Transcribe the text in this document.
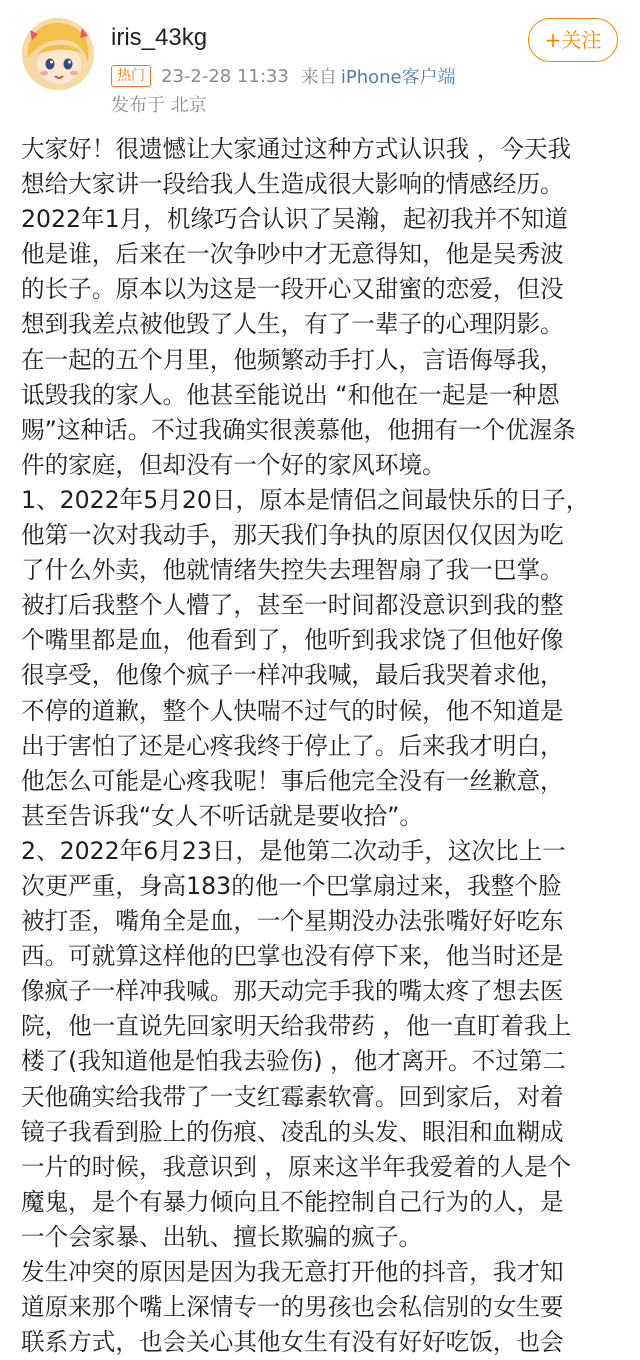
iris_43kg
热门 23-2-28 11:33 来自 iPhone客户端
发布于 北京
+关注

大家好！很遗憾让大家通过这种方式认识我 ，今天我

想给大家讲一段给我人生造成很大影响的情感经历。

2022年1月，机缘巧合认识了吴瀚，起初我并不知道

他是谁，后来在一次争吵中才无意得知，他是吴秀波

的长子。原本以为这是一段开心又甜蜜的恋爱，但没

想到我差点被他毁了人生，有了一辈子的心理阴影。

在一起的五个月里，他频繁动手打人，言语侮辱我，

诋毁我的家人。他甚至能说出 “和他在一起是一种恩

赐”这种话。不过我确实很羡慕他，他拥有一个优渥条

件的家庭，但却没有一个好的家风环境。

1、2022年5月20日，原本是情侣之间最快乐的日子，

他第一次对我动手，那天我们争执的原因仅仅因为吃

了什么外卖，他就情绪失控失去理智扇了我一巴掌。

被打后我整个人懵了，甚至一时间都没意识到我的整

个嘴里都是血，他看到了，他听到我求饶了但他好像

很享受，他像个疯子一样冲我喊，最后我哭着求他，

不停的道歉，整个人快喘不过气的时候，他不知道是

出于害怕了还是心疼我终于停止了。后来我才明白，

他怎么可能是心疼我呢！事后他完全没有一丝歉意，

甚至告诉我“女人不听话就是要收拾”。

2、2022年6月23日，是他第二次动手，这次比上一

次更严重，身高183的他一个巴掌扇过来，我整个脸

被打歪，嘴角全是血，一个星期没办法张嘴好好吃东

西。可就算这样他的巴掌也没有停下来，他当时还是

像疯子一样冲我喊。那天动完手我的嘴太疼了想去医

院，他一直说先回家明天给我带药 ，他一直盯着我上

楼了(我知道他是怕我去验伤) ，他才离开。不过第二

天他确实给我带了一支红霉素软膏。回到家后，对着

镜子我看到脸上的伤痕、凌乱的头发、眼泪和血糊成

一片的时候，我意识到 ，原来这半年我爱着的人是个

魔鬼，是个有暴力倾向且不能控制自己行为的人，是

一个会家暴、出轨、擅长欺骗的疯子。

发生冲突的原因是因为我无意打开他的抖音，我才知

道原来那个嘴上深情专一的男孩也会私信别的女生要

联系方式，也会关心其他女生有没有好好吃饭，也会
